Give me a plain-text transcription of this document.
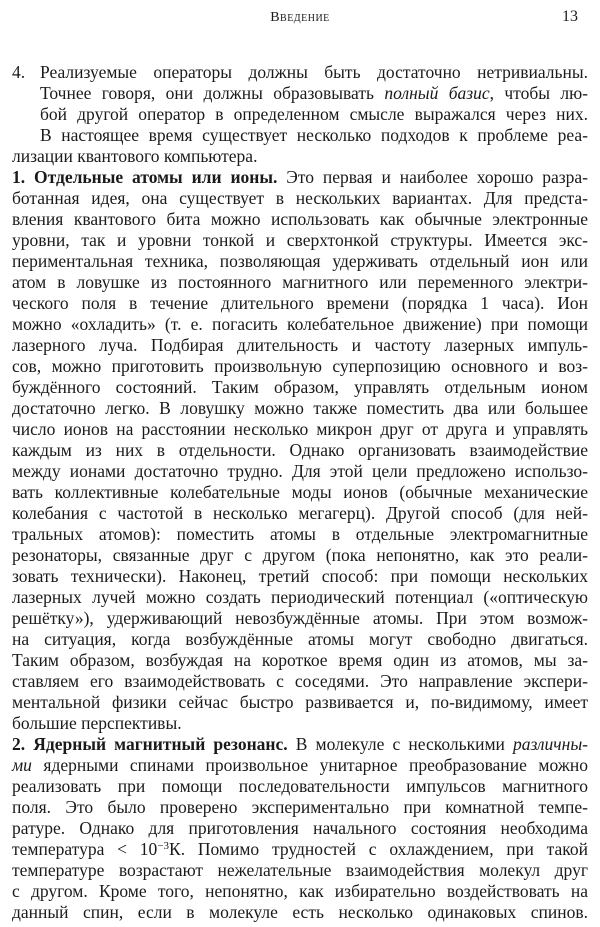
Введение	13
4. Реализуемые операторы должны быть достаточно нетривиальны.
Точнее говоря, они должны образовывать полный базис, чтобы лю-
бой другой оператор в определенном смысле выражался через них.
В настоящее время существует несколько подходов к проблеме реа-
лизации квантового компьютера.
1. Отдельные атомы или ионы. Это первая и наиболее хорошо разра-
ботанная идея, она существует в нескольких вариантах. Для предста-
вления квантового бита можно использовать как обычные электронные
уровни, так и уровни тонкой и сверхтонкой структуры. Имеется экс-
периментальная техника, позволяющая удерживать отдельный ион или
атом в ловушке из постоянного магнитного или переменного электри-
ческого поля в течение длительного времени (порядка 1 часа). Ион
можно «охладить» (т. е. погасить колебательное движение) при помощи
лазерного луча. Подбирая длительность и частоту лазерных импуль-
сов, можно приготовить произвольную суперпозицию основного и воз-
буждённого состояний. Таким образом, управлять отдельным ионом
достаточно легко. В ловушку можно также поместить два или большее
число ионов на расстоянии несколько микрон друг от друга и управлять
каждым из них в отдельности. Однако организовать взаимодействие
между ионами достаточно трудно. Для этой цели предложено использо-
вать коллективные колебательные моды ионов (обычные механические
колебания с частотой в несколько мегагерц). Другой способ (для ней-
тральных атомов): поместить атомы в отдельные электромагнитные
резонаторы, связанные друг с другом (пока непонятно, как это реали-
зовать технически). Наконец, третий способ: при помощи нескольких
лазерных лучей можно создать периодический потенциал («оптическую
решётку»), удерживающий невозбуждённые атомы. При этом возмож-
на ситуация, когда возбуждённые атомы могут свободно двигаться.
Таким образом, возбуждая на короткое время один из атомов, мы за-
ставляем его взаимодействовать с соседями. Это направление экспери-
ментальной физики сейчас быстро развивается и, по-видимому, имеет
большие перспективы.
2. Ядерный магнитный резонанс. В молекуле с несколькими различны-
ми ядерными спинами произвольное унитарное преобразование можно
реализовать при помощи последовательности импульсов магнитного
поля. Это было проверено экспериментально при комнатной темпе-
ратуре. Однако для приготовления начального состояния необходима
температура < $10^{-3}К$. Помимо трудностей с охлаждением, при такой
температуре возрастают нежелательные взаимодействия молекул друг
с другом. Кроме того, непонятно, как избирательно воздействовать на
данный спин, если в молекуле есть несколько одинаковых спинов.
